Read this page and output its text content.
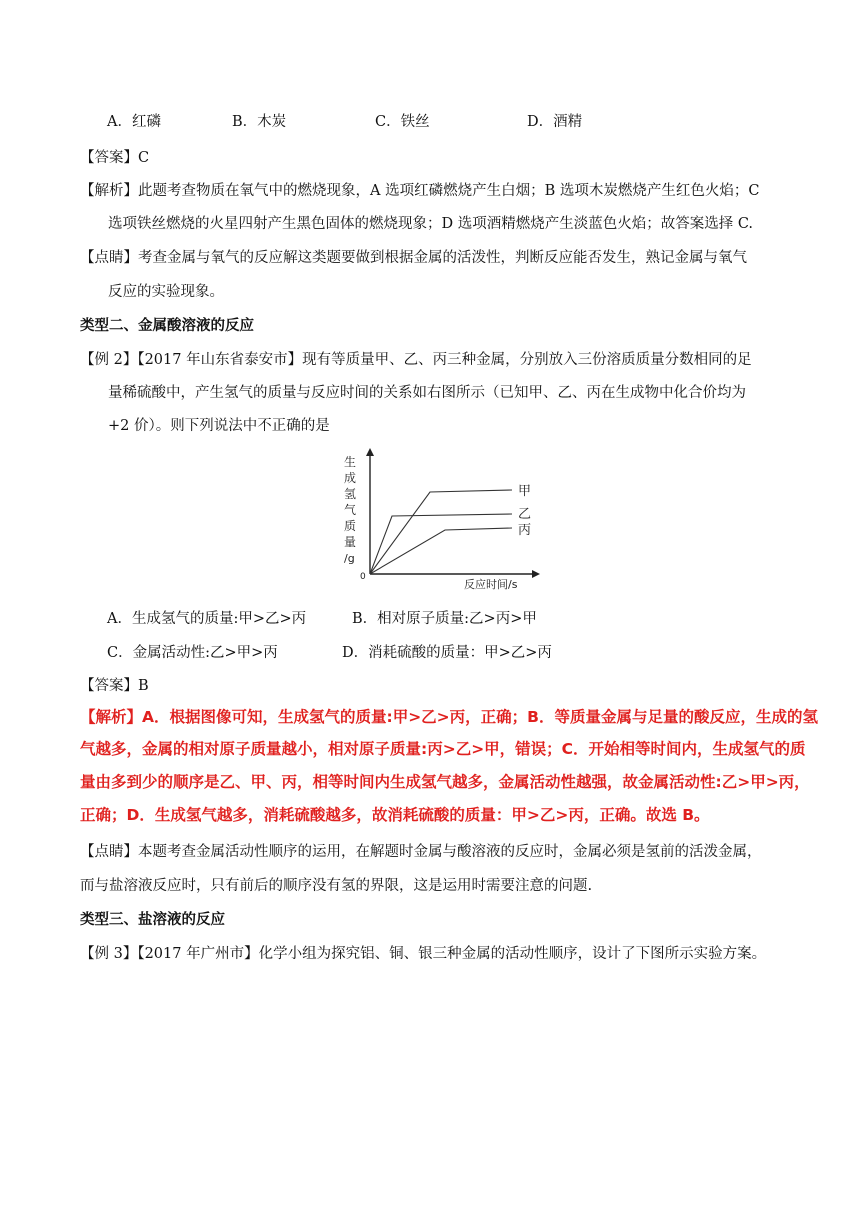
A．红磷	B．木炭	C．铁丝	D．酒精
【答案】C
【解析】此题考查物质在氧气中的燃烧现象，A 选项红磷燃烧产生白烟；B 选项木炭燃烧产生红色火焰；C
选项铁丝燃烧的火星四射产生黑色固体的燃烧现象；D 选项酒精燃烧产生淡蓝色火焰；故答案选择 C.
【点睛】考查金属与氧气的反应解这类题要做到根据金属的活泼性，判断反应能否发生，熟记金属与氧气
反应的实验现象。
类型二、金属酸溶液的反应
【例 2】【2017 年山东省泰安市】现有等质量甲、乙、丙三种金属，分别放入三份溶质质量分数相同的足
量稀硫酸中，产生氢气的质量与反应时间的关系如右图所示（已知甲、乙、丙在生成物中化合价均为
+2 价）。则下列说法中不正确的是
生
成
氢
气
质
量
/g
0
反应时间/s
甲
乙
丙
A．生成氢气的质量:甲>乙>丙	B．相对原子质量:乙>丙>甲
C．金属活动性:乙>甲>丙	D．消耗硫酸的质量：甲>乙>丙
【答案】B
【解析】A．根据图像可知，生成氢气的质量:甲>乙>丙，正确；B．等质量金属与足量的酸反应，生成的氢
气越多，金属的相对原子质量越小，相对原子质量:丙>乙>甲，错误；C．开始相等时间内，生成氢气的质
量由多到少的顺序是乙、甲、丙，相等时间内生成氢气越多，金属活动性越强，故金属活动性:乙>甲>丙，
正确；D．生成氢气越多，消耗硫酸越多，故消耗硫酸的质量：甲>乙>丙，正确。故选 B。
【点睛】本题考查金属活动性顺序的运用，在解题时金属与酸溶液的反应时，金属必须是氢前的活泼金属，
而与盐溶液反应时，只有前后的顺序没有氢的界限，这是运用时需要注意的问题.
类型三、盐溶液的反应
【例 3】【2017 年广州市】化学小组为探究铝、铜、银三种金属的活动性顺序，设计了下图所示实验方案。
